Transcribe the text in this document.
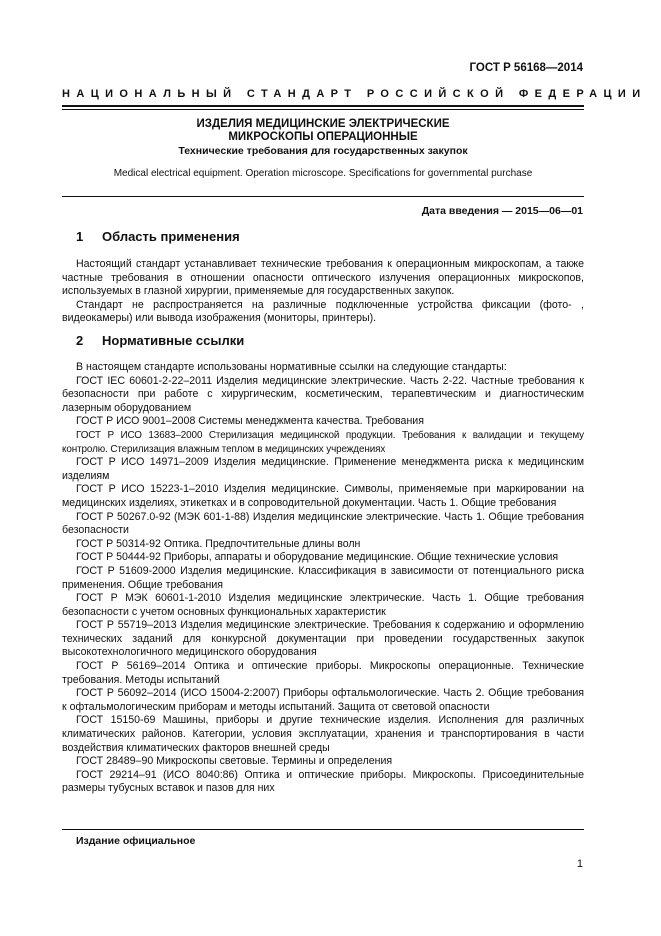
ГОСТ Р 56168—2014
НАЦИОНАЛЬНЫЙ СТАНДАРТ РОССИЙСКОЙ ФЕДЕРАЦИИ
ИЗДЕЛИЯ МЕДИЦИНСКИЕ ЭЛЕКТРИЧЕСКИЕ
МИКРОСКОПЫ ОПЕРАЦИОННЫЕ
Технические требования для государственных закупок
Medical electrical equipment. Operation microscope. Specifications for governmental purchase
Дата введения — 2015—06—01
1 Область применения

Настоящий стандарт устанавливает технические требования к операционным микроскопам, а также частные требования в отношении опасности оптического излучения операционных микроскопов, используемых в глазной хирургии, применяемые для государственных закупок.

Стандарт не распространяется на различные подключенные устройства фиксации (фото- , видеокамеры) или вывода изображения (мониторы, принтеры).

2 Нормативные ссылки

В настоящем стандарте использованы нормативные ссылки на следующие стандарты:

ГОСТ IEC 60601-2-22–2011 Изделия медицинские электрические. Часть 2-22. Частные требования к безопасности при работе с хирургическим, косметическим, терапевтическим и диагностическим лазерным оборудованием

ГОСТ Р ИСО 9001–2008 Системы менеджмента качества. Требования

ГОСТ Р ИСО 13683–2000 Стерилизация медицинской продукции. Требования к валидации и текущему контролю. Стерилизация влажным теплом в медицинских учреждениях

ГОСТ Р ИСО 14971–2009 Изделия медицинские. Применение менеджмента риска к медицинским изделиям

ГОСТ Р ИСО 15223-1–2010 Изделия медицинские. Символы, применяемые при маркировании на медицинских изделиях, этикетках и в сопроводительной документации. Часть 1. Общие требования

ГОСТ Р 50267.0-92 (МЭК 601-1-88) Изделия медицинские электрические. Часть 1. Общие требования безопасности

ГОСТ Р 50314-92 Оптика. Предпочтительные длины волн

ГОСТ Р 50444-92 Приборы, аппараты и оборудование медицинские. Общие технические условия

ГОСТ Р 51609-2000 Изделия медицинские. Классификация в зависимости от потенциального риска применения. Общие требования

ГОСТ Р МЭК 60601-1-2010 Изделия медицинские электрические. Часть 1. Общие требования безопасности с учетом основных функциональных характеристик

ГОСТ Р 55719–2013 Изделия медицинские электрические. Требования к содержанию и оформлению технических заданий для конкурсной документации при проведении государственных закупок высокотехнологичного медицинского оборудования

ГОСТ Р 56169–2014 Оптика и оптические приборы. Микроскопы операционные. Технические требования. Методы испытаний

ГОСТ Р 56092–2014 (ИСО 15004-2:2007) Приборы офтальмологические. Часть 2. Общие требования к офтальмологическим приборам и методы испытаний. Защита от световой опасности

ГОСТ 15150-69 Машины, приборы и другие технические изделия. Исполнения для различных климатических районов. Категории, условия эксплуатации, хранения и транспортирования в части воздействия климатических факторов внешней среды

ГОСТ 28489–90 Микроскопы световые. Термины и определения

ГОСТ 29214–91 (ИСО 8040:86) Оптика и оптические приборы. Микроскопы. Присоединительные размеры тубусных вставок и пазов для них

Издание официальное
1
